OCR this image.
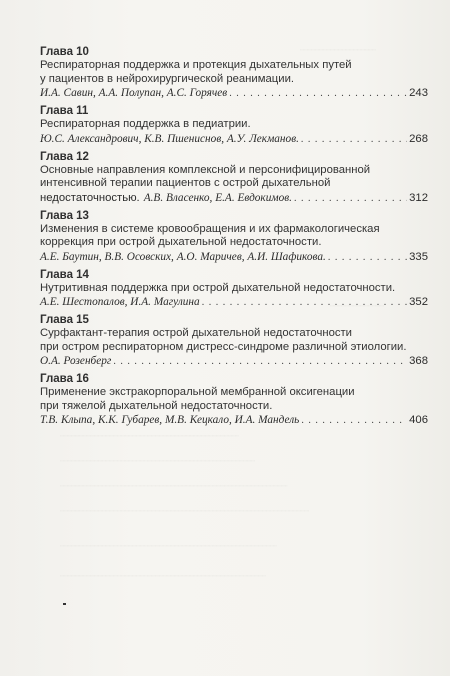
┈┈┈┈┈┈┈┈┈┈┈┈┈┈
┈┈┈┈┈┈┈┈┈┈
┈┈┈┈┈┈┈┈┈┈┈┈┈┈┈┈┈┈┈┈┈┈┈┈┈┈┈┈┈┈┈┈┈
┈┈┈┈┈┈┈┈┈┈┈┈┈┈┈┈┈┈┈┈┈┈┈┈┈┈┈┈┈┈┈┈┈┈┈┈
┈┈┈┈┈┈┈┈┈┈┈┈┈┈┈┈┈┈┈┈┈┈┈┈┈┈┈┈┈┈┈┈┈┈┈┈┈┈┈┈┈┈
┈┈┈┈┈┈┈┈┈┈┈┈┈┈┈┈┈┈┈┈┈┈┈┈┈┈┈┈┈┈┈┈┈┈┈┈┈┈┈┈┈┈┈┈┈┈
┈┈┈┈┈┈┈┈┈┈┈┈┈┈┈┈┈┈┈┈┈┈┈┈┈┈┈┈┈┈┈┈┈┈┈┈┈┈┈┈
┈┈┈┈┈┈┈┈┈┈┈┈┈┈┈┈┈┈┈┈┈┈┈┈┈┈┈┈┈┈┈┈┈┈┈┈┈┈
Глава 10
Респираторная поддержка и протекция дыхательных путей
у пациентов в нейрохирургической реанимации.
И.А. Савин, А.А. Полупан, А.С. Горячев . . .	243
Глава 11
Респираторная поддержка в педиатрии.
Ю.С. Александрович, К.В. Пшениснов, А.У. Лекманов. . . .	268
Глава 12
Основные направления комплексной и персонифицированной
интенсивной терапии пациентов с острой дыхательной
недостаточностью. А.В. Власенко, Е.А. Евдокимов. . . .	312
Глава 13
Изменения в системе кровообращения и их фармакологическая
коррекция при острой дыхательной недостаточности.
А.Е. Баутин, В.В. Осовских, А.О. Маричев, А.И. Шафикова. . . .	335
Глава 14
Нутритивная поддержка при острой дыхательной недостаточности.
А.Е. Шестопалов, И.А. Магулина . . .	352
Глава 15
Сурфактант-терапия острой дыхательной недостаточности
при остром респираторном дистресс-синдроме различной этиологии.
О.А. Розенберг . . .	368
Глава 16
Применение экстракорпоральной мембранной оксигенации
при тяжелой дыхательной недостаточности.
Т.В. Клыпа, К.К. Губарев, М.В. Кецкало, И.А. Мандель . . .	406
